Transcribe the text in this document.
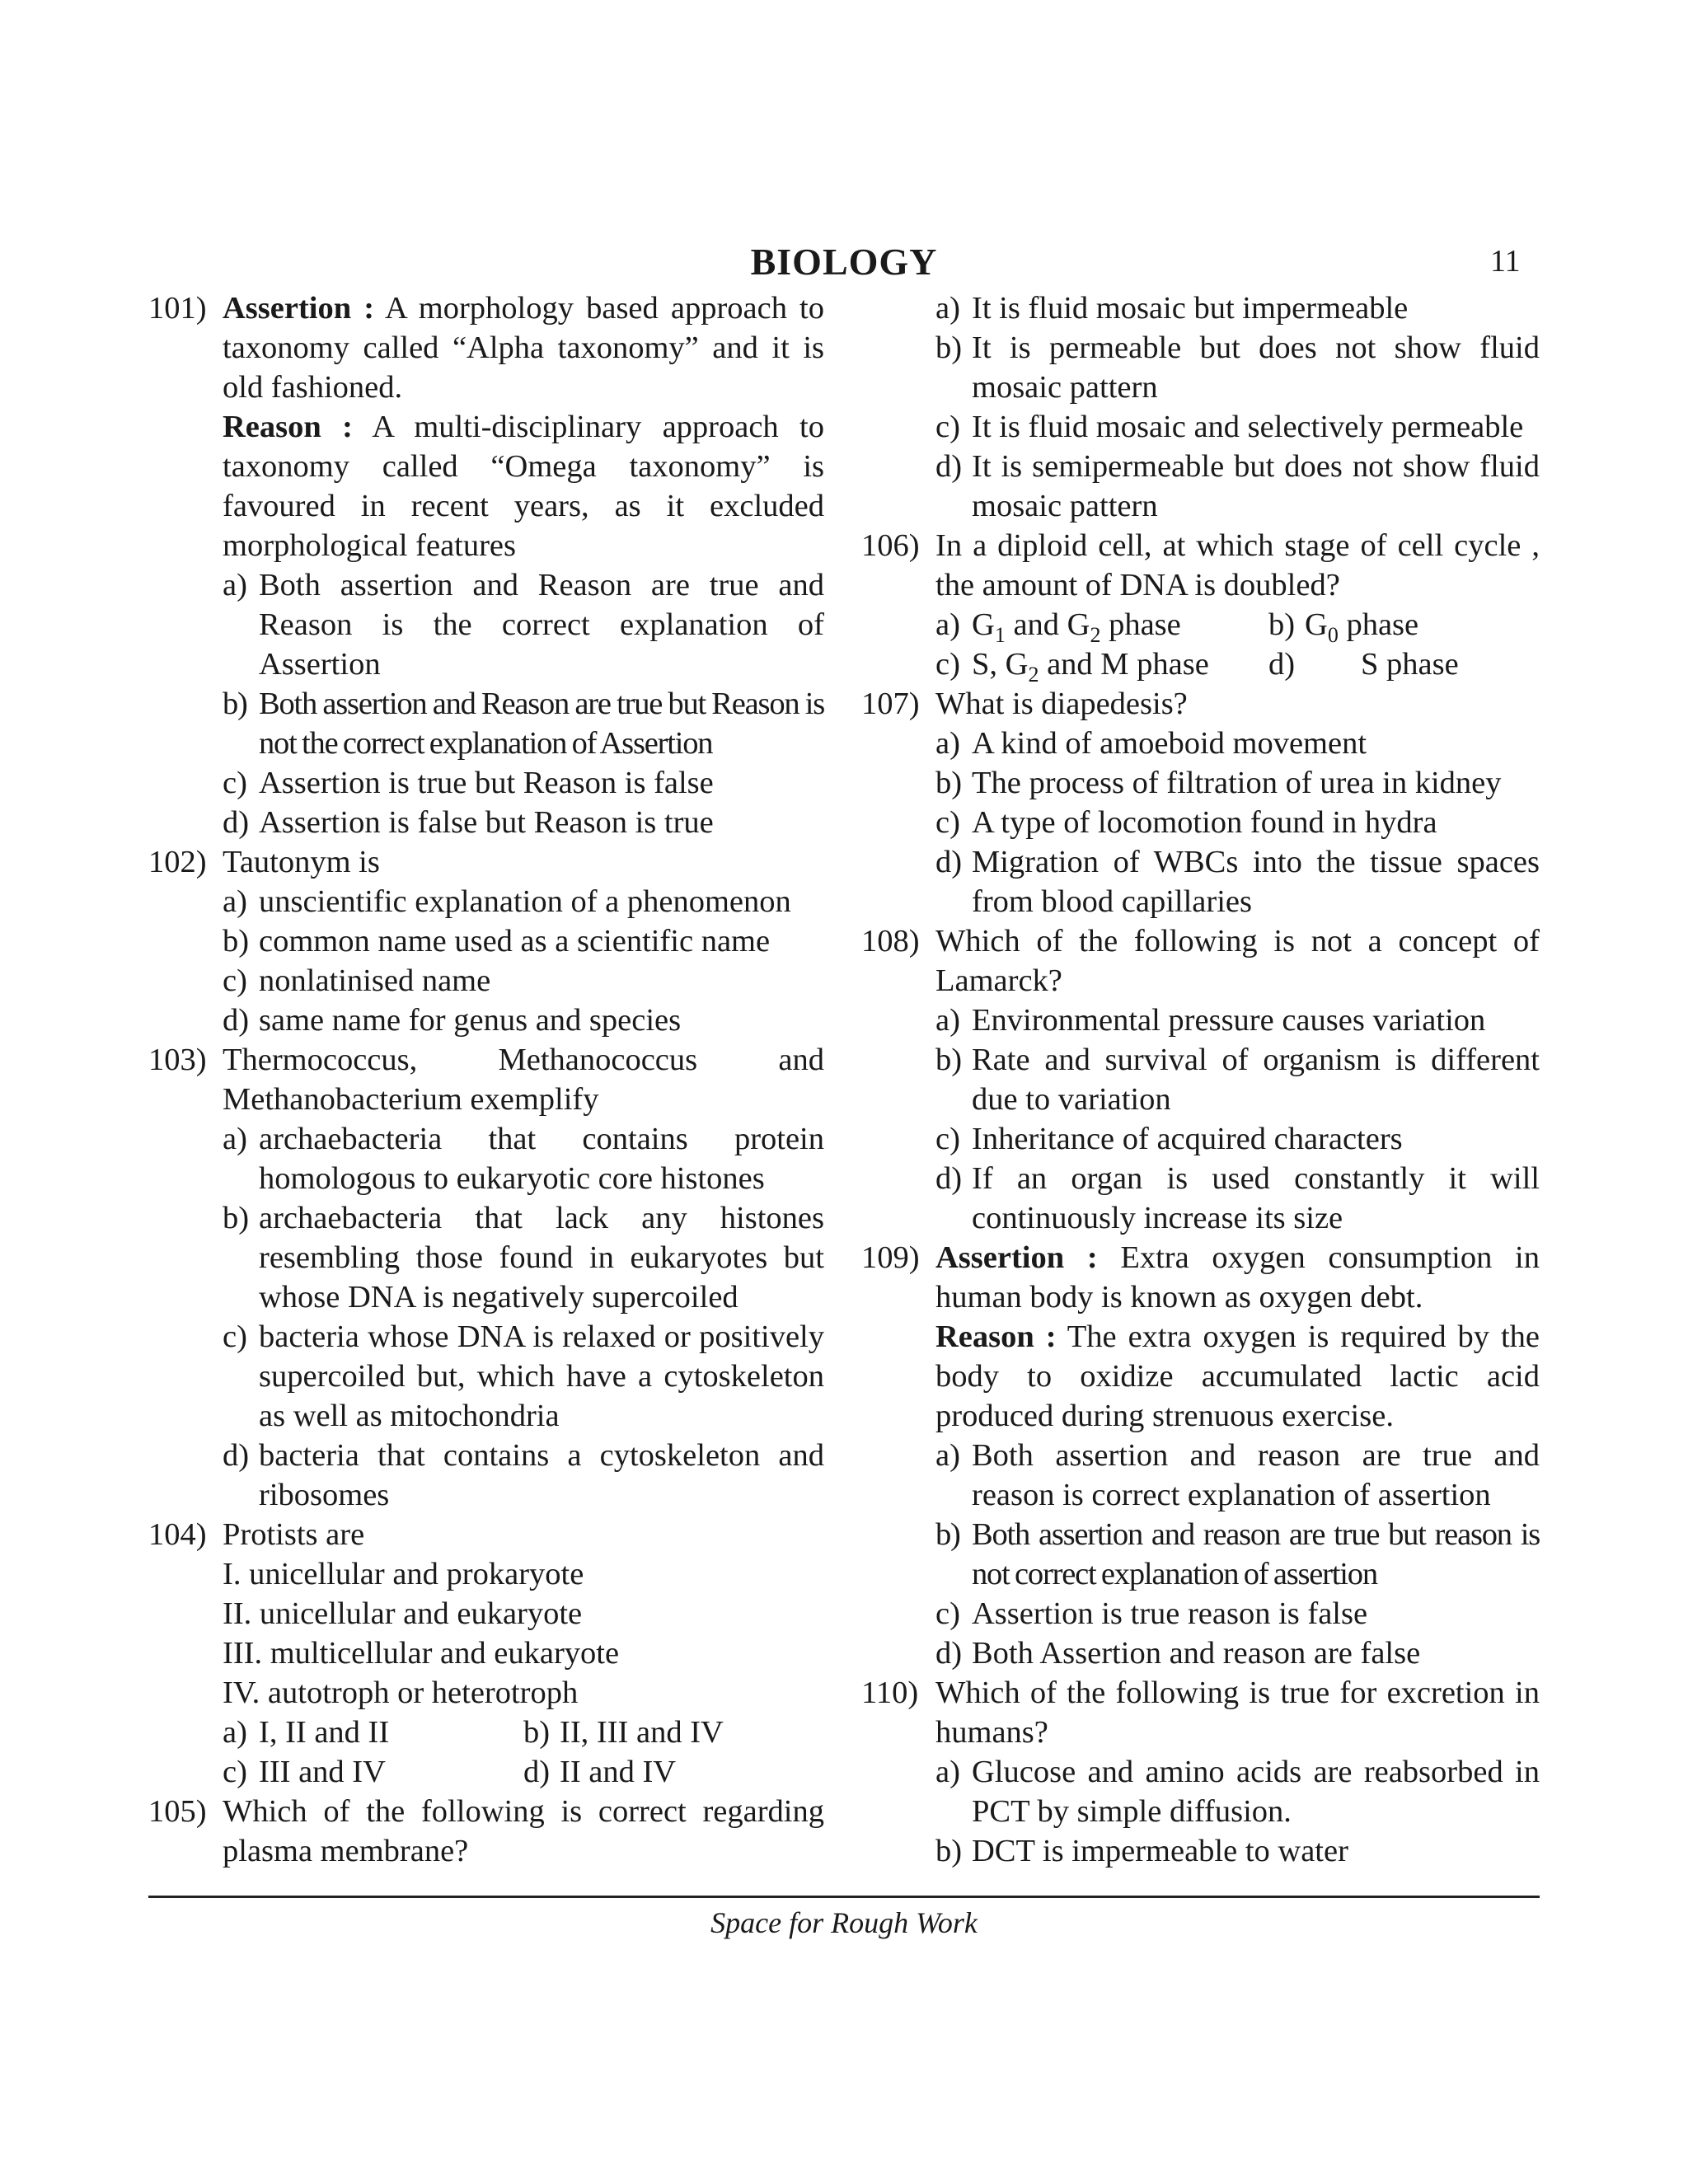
BIOLOGY	11
101) Assertion : A morphology based approach to taxonomy called “Alpha taxonomy” and it is old fashioned.
Reason : A multi-disciplinary approach to taxonomy called “Omega taxonomy” is favoured in recent years, as it excluded morphological features
a) Both assertion and Reason are true and Reason is the correct explanation of Assertion
b) Both assertion and Reason are true but Reason is not the correct explanation of Assertion
c) Assertion is true but Reason is false
d) Assertion is false but Reason is true
102) Tautonym is
a) unscientific explanation of a phenomenon
b) common name used as a scientific name
c) nonlatinised name
d) same name for genus and species
103) Thermococcus, Methanococcus and Methanobacterium exemplify
a) archaebacteria that contains protein homologous to eukaryotic core histones
b) archaebacteria that lack any histones resembling those found in eukaryotes but whose DNA is negatively supercoiled
c) bacteria whose DNA is relaxed or positively supercoiled but, which have a cytoskeleton as well as mitochondria
d) bacteria that contains a cytoskeleton and ribosomes
104) Protists are
I. unicellular and prokaryote
II. unicellular and eukaryote
III. multicellular and eukaryote
IV. autotroph or heterotroph
a) I, II and II	b) II, III and IV
c) III and IV	d) II and IV
105) Which of the following is correct regarding plasma membrane?
a) It is fluid mosaic but impermeable
b) It is permeable but does not show fluid mosaic pattern
c) It is fluid mosaic and selectively permeable
d) It is semipermeable but does not show fluid mosaic pattern
106) In a diploid cell, at which stage of cell cycle , the amount of DNA is doubled?
a) $G_1$ and $G_2$ phase	b) $G_0$ phase
c) S, $G_2$ and M phase	d) S phase
107) What is diapedesis?
a) A kind of amoeboid movement
b) The process of filtration of urea in kidney
c) A type of locomotion found in hydra
d) Migration of WBCs into the tissue spaces from blood capillaries
108) Which of the following is not a concept of Lamarck?
a) Environmental pressure causes variation
b) Rate and survival of organism is different due to variation
c) Inheritance of acquired characters
d) If an organ is used constantly it will continuously increase its size
109) Assertion : Extra oxygen consumption in human body is known as oxygen debt.
Reason : The extra oxygen is required by the body to oxidize accumulated lactic acid produced during strenuous exercise.
a) Both assertion and reason are true and reason is correct explanation of assertion
b) Both assertion and reason are true but reason is not correct explanation of assertion
c) Assertion is true reason is false
d) Both Assertion and reason are false
110) Which of the following is true for excretion in humans?
a) Glucose and amino acids are reabsorbed in PCT by simple diffusion.
b) DCT is impermeable to water
Space for Rough Work
